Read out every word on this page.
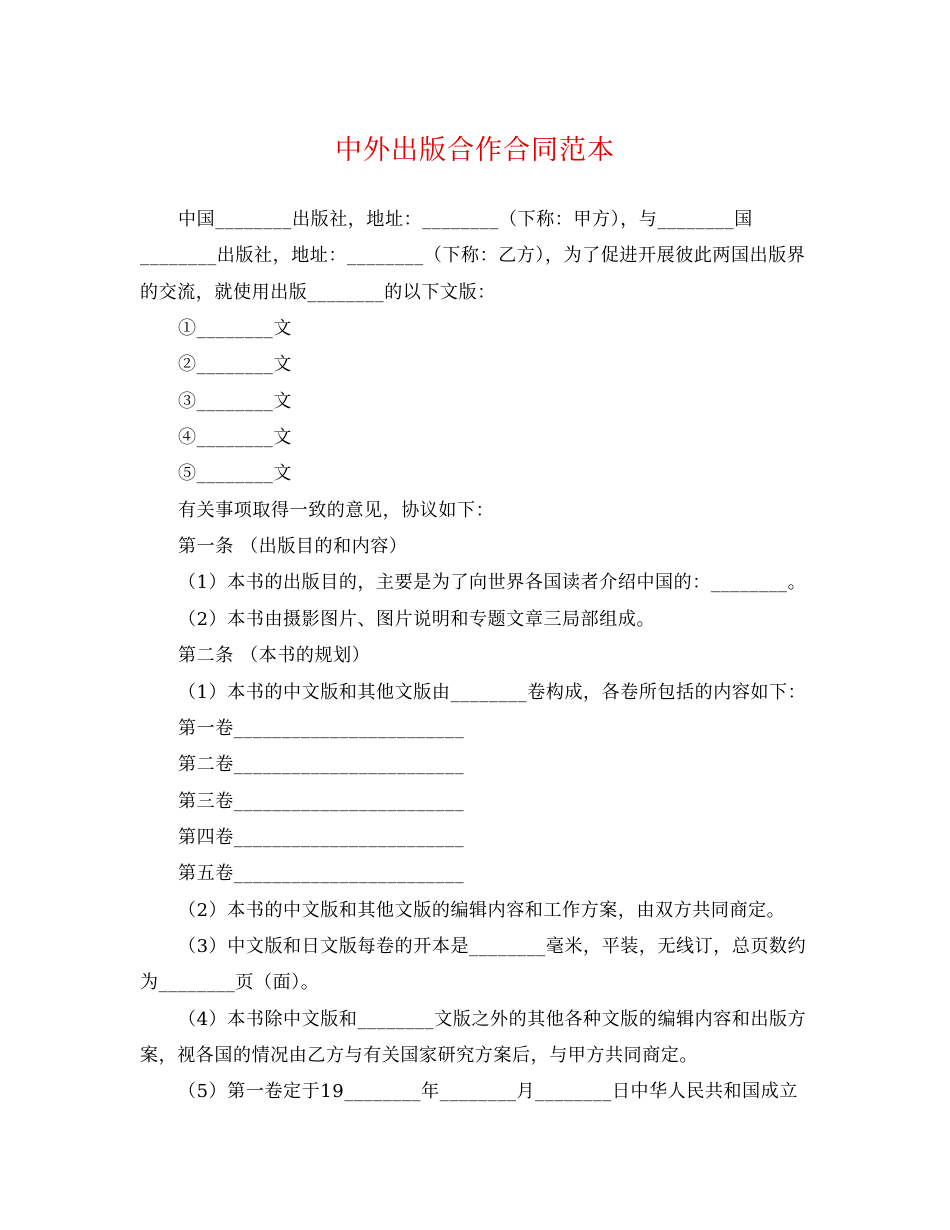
中外出版合作合同范本
中国________出版社，地址：________（下称：甲方），与________国
________出版社，地址：________（下称：乙方），为了促进开展彼此两国出版界
的交流，就使用出版________的以下文版：
①________文
②________文
③________文
④________文
⑤________文
有关事项取得一致的意见，协议如下：
第一条 （出版目的和内容）
（1）本书的出版目的，主要是为了向世界各国读者介绍中国的：________。
（2）本书由摄影图片、图片说明和专题文章三局部组成。
第二条 （本书的规划）
（1）本书的中文版和其他文版由________卷构成，各卷所包括的内容如下：
第一卷________________________
第二卷________________________
第三卷________________________
第四卷________________________
第五卷________________________
（2）本书的中文版和其他文版的编辑内容和工作方案，由双方共同商定。
（3）中文版和日文版每卷的开本是________毫米，平装，无线订，总页数约
为________页（面）。
（4）本书除中文版和________文版之外的其他各种文版的编辑内容和出版方
案，视各国的情况由乙方与有关国家研究方案后，与甲方共同商定。
（5）第一卷定于19________年________月________日中华人民共和国成立
